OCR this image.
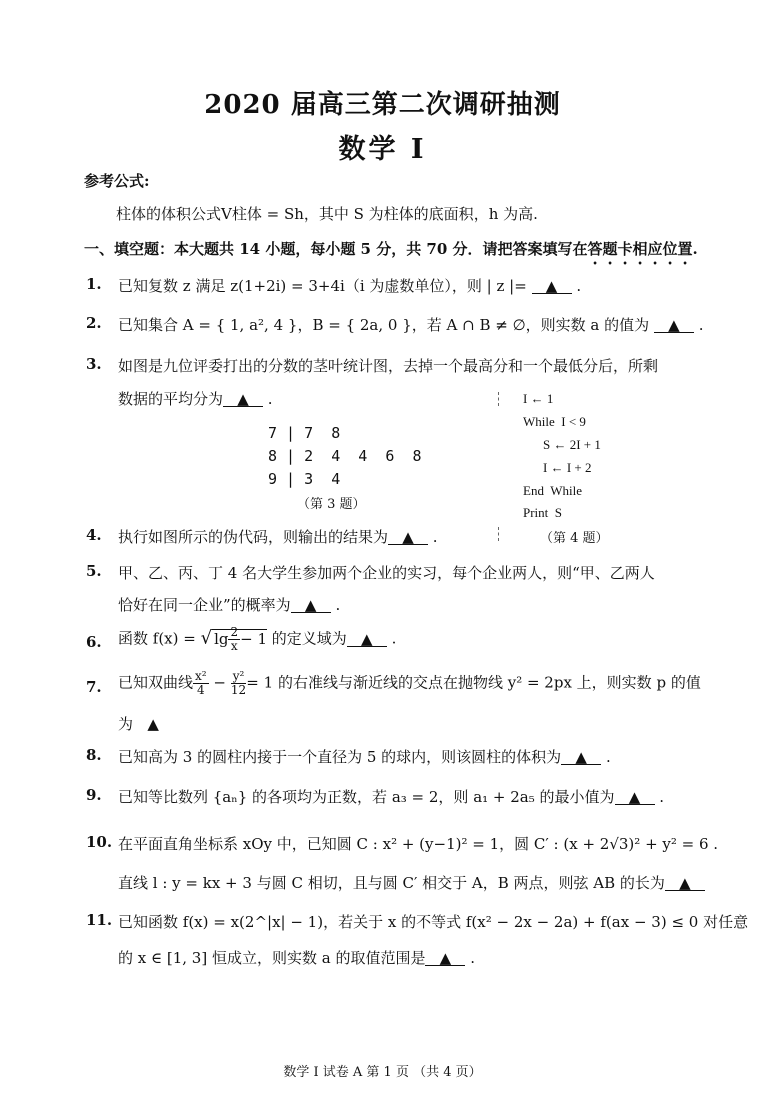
2020 届高三第二次调研抽测
数学 I
参考公式:
柱体的体积公式V柱体 = Sh，其中 S 为柱体的底面积，h 为高.
一、填空题：本大题共 14 小题，每小题 5 分，共 70 分．请把答案填写在答题卡相应位置.
1. 已知复数 z 满足 z(1+2i) = 3+4i（i 为虚数单位），则 | z |= ▲ .
2. 已知集合 A = { 1, a², 4 }，B = { 2a, 0 }，若 A ∩ B ≠ ∅，则实数 a 的值为 ▲ .
3. 如图是九位评委打出的分数的茎叶统计图，去掉一个最高分和一个最低分后，所剩
数据的平均分为 ▲ .
7 | 7  8
8 | 2  4  4  6  8
9 | 3  4
（第 3 题）
I ← 1
While  I < 9
S ← 2I + 1
I ← I + 2
End  While
Print  S
（第 4 题）
4. 执行如图所示的伪代码，则输出的结果为 ▲ .
5. 甲、乙、丙、丁 4 名大学生参加两个企业的实习，每个企业两人，则“甲、乙两人
恰好在同一企业”的概率为 ▲ .
6. 函数 f(x) = √ $\lg \frac{2}{x} - 1$ 的定义域为 ▲ .
7. 已知双曲线 $\frac{\text{x²}}{4} - \frac{\text{y²}}{12} = 1$ 的右准线与渐近线的交点在抛物线 y² = 2px 上，则实数 p 的值
为 ▲
8. 已知高为 3 的圆柱内接于一个直径为 5 的球内，则该圆柱的体积为 ▲ .
9. 已知等比数列 {aₙ} 的各项均为正数，若 a₃ = 2，则 a₁ + 2a₅ 的最小值为 ▲ .
10. 在平面直角坐标系 xOy 中，已知圆 C : x² + (y−1)² = 1，圆 C′ : (x + 2√3)² + y² = 6 .
直线 l : y = kx + 3 与圆 C 相切，且与圆 C′ 相交于 A，B 两点，则弦 AB 的长为 ▲
11. 已知函数 f(x) = x(2^|x| − 1)，若关于 x 的不等式 f(x² − 2x − 2a) + f(ax − 3) ≤ 0 对任意
的 x ∈ [1, 3] 恒成立，则实数 a 的取值范围是 ▲ .
数学 I 试卷 A 第 1 页 （共 4 页）
